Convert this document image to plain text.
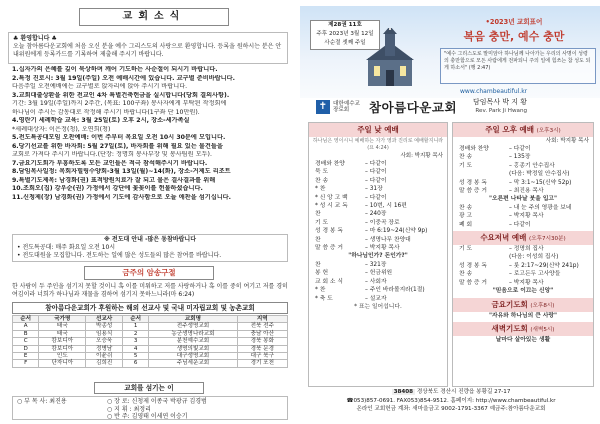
교회소식
♣ 환영합니다 ♣
오늘 참아름다운교회에 처음 오신 분을 예수 그리스도의 사랑으로 환영합니다. 등록을 원하시는 분은 안내위원에게 등록카드를 기록하여 제출해 주시기 바랍니다.
1.십자가의 은혜를 깊이 묵상하며 깨어 기도하는 사순절이 되시기 바랍니다.
2.특정 진로시: 3월 19일(주일) 오전 예배시간에 있습니다. 교구별 준비바랍니다.
다음주일 오전예배에는 교구별로 앉자리에 앉아 주시기 바랍니다.
3.교회대출상환을 위한 전교인 4차 특별건축헌금을 실시합니다(당회 결의사항).
기간: 3월 19일(주일)까지 2주간, (목표: 100구좌) 봉사자에게 부탁된 작정회에
하나님이 주시는 감동대로 작정해 주시기 바랍니다(1구좌 단 10만원).
4.영란기 세례학습 교육: 3월 25일(토) 오후 2시, 장소-세가족실
*세례대상자: 이은정(청), 오연희(청)
5.전도특공대모임 오찬예배: 이번 주부터 목요일 오전 10시 30분에 모입니다.
6.당기선교를 위한 바자회: 5월 27일(토), 바자회를 위해 필요 있는 물건들을
교회로 가져다 주시기 바랍니다.(단장: 정명희 봉사부장 및 봉사팀원 모두).
7.금요기도회가 부흥하도록 모든 교인들은 적극 참석해주시기 바랍니다.
8.담임목사일정: 목회자힐링수양회-3월 13일(월)~14(화), 장소-거제도 리조트
9.특별기도제목: 남경화(권) 표적방원치료가 잘 되고 물은 결사결과를 위해
10.조희오(집) 강우순(권) 가정에서 강단에 꽃꽂이를 헌물하셨습니다.
11.신청제(장) 남경화(권) 가정에서 기도에 감사함으로 오늘 애찬을 섬기십니다.
※ 전도대 안내 -많은 동참바랍니다
• 전도특공대: 매주 화요일 오전 10시
• 전도대원을 모집합니다. 전도하는 일에 많은 성도들의 많은 참여를 바랍니다.
금주의 암송구절
한 사람이 두 주인을 섬기지 못할 것이니 혹 이를 미워하고 저를 사랑하거나 혹 이를 중히 여기고 저를 경히 여김이라 너희가 하나님과 재물을 겸하여 섬기지 못하느니라(마 6:24)
참아름다운교회가 후원하는 해외 선교사 및 국내 미자립교회 및 농촌교회
순서	국가명	선교사	순서	교회명	지역
A	태국	박종성	1	전주생명교회	전북 전주
B	태국	임용식	2	농군생명나라교회	충남 아산
C	캄보디아	오승욱	3	분천예수교회	경북 봉화
D	캄보디아	정병남	4	생명의빛교회	경북 문경
E	인도	이윤쉬	5	대구생명교회	대구 북구
F	단자니아	김희진	6	주님세운교회	경기 포천
교회를 섬기는 이
○ 부 목 사: 최진용	○ 장 로: 신청제 이종국 박광규 김경범
○ 지 휘 : 최정리
○ 반 주: 김영태 이세연 이승기
제28권 11호
주후 2023년 3월 12일
사순절 셋째 주일
•2023년 교회표어
복음 충만, 예수 충만
"예수 그리스도로 말미암아 하나님께 나아가는 우리의 사명이 성령의 충만함으로 모든 사람에게 전파되니 주의 일에 힘쓰는 참 성도 되게 하소서" (행 2:47)
www.chambeautiful.kr
✝	대한예수교
장로회	참아름다운교회 담임목사 박 지 황
Rev. Park Ji Hwang
주일 낮 예배
하나님은 영이시니 예배하는 자가 영과 진리로 예배할지니라 (요 4:24)
사회: 박지황 목사
경배와 찬양	– 다같이
묵 도	– 다같이
찬 송	– 다같이
* 찬	– 31장
* 신 앙 고 백	– 다같이
* 성 시 교 독	– 10번, 시 16편
찬	– 240장
기 도	– 이중곡 장로
성 경 봉 독	– 마 6:19~24(신약 9p)
찬	– 생명나무 찬양대
말 씀 증 거	– 박지황 목사
"하나님인가? 돈인가?"
찬	– 321장
봉 헌	– 헌금위원
교 회 소 식	– 사회자
* 찬	– 주인 바라볼지라(1절)
* 축 도	– 설교자
* 표는 일어섭니다.
주일 오후 예배 (오후3시)
사회: 박지황 목사
경배와 찬양	– 다같이
찬 송	– 135장
기 도	– 홍종기 안수집사
(다음: 박정일 안수집사)
성 경 봉 독	– 막 3:1~15(신약 52p)
말 씀 증 거	– 최진용 목사
"오른편 나타날 붓을 입고"
찬 송	– 내 눈 주의 영광을 보네
광 고	– 박지황 목사
폐 회	– 다같이
수요저녁 예배 (오후7시30분)
기 도	– 정명희 집사
(다음: 이성희 집사)
성 경 봉 독	– 룻 2:17~29(신약 241p)
찬 송	– 로고든두 고사양들
말 씀 증 거	– 박지황 목사
"믿음으로 이끄는 신앙"
금요기도회 (오후8시)
"자유와 하나님의 큰 사랑"
새벽기도회 (새벽5시)
날마다 살아있는 생활
38408 경상북도 경산시 진량읍 봉황길 27-17
☎053)857-0691. FAX053)854-9512. 홈페이지: http://www.chambeautiful.kr
온라인 교회헌금 계좌: 새마을금고 9002-1791-3367 예금주:참아름다운교회
